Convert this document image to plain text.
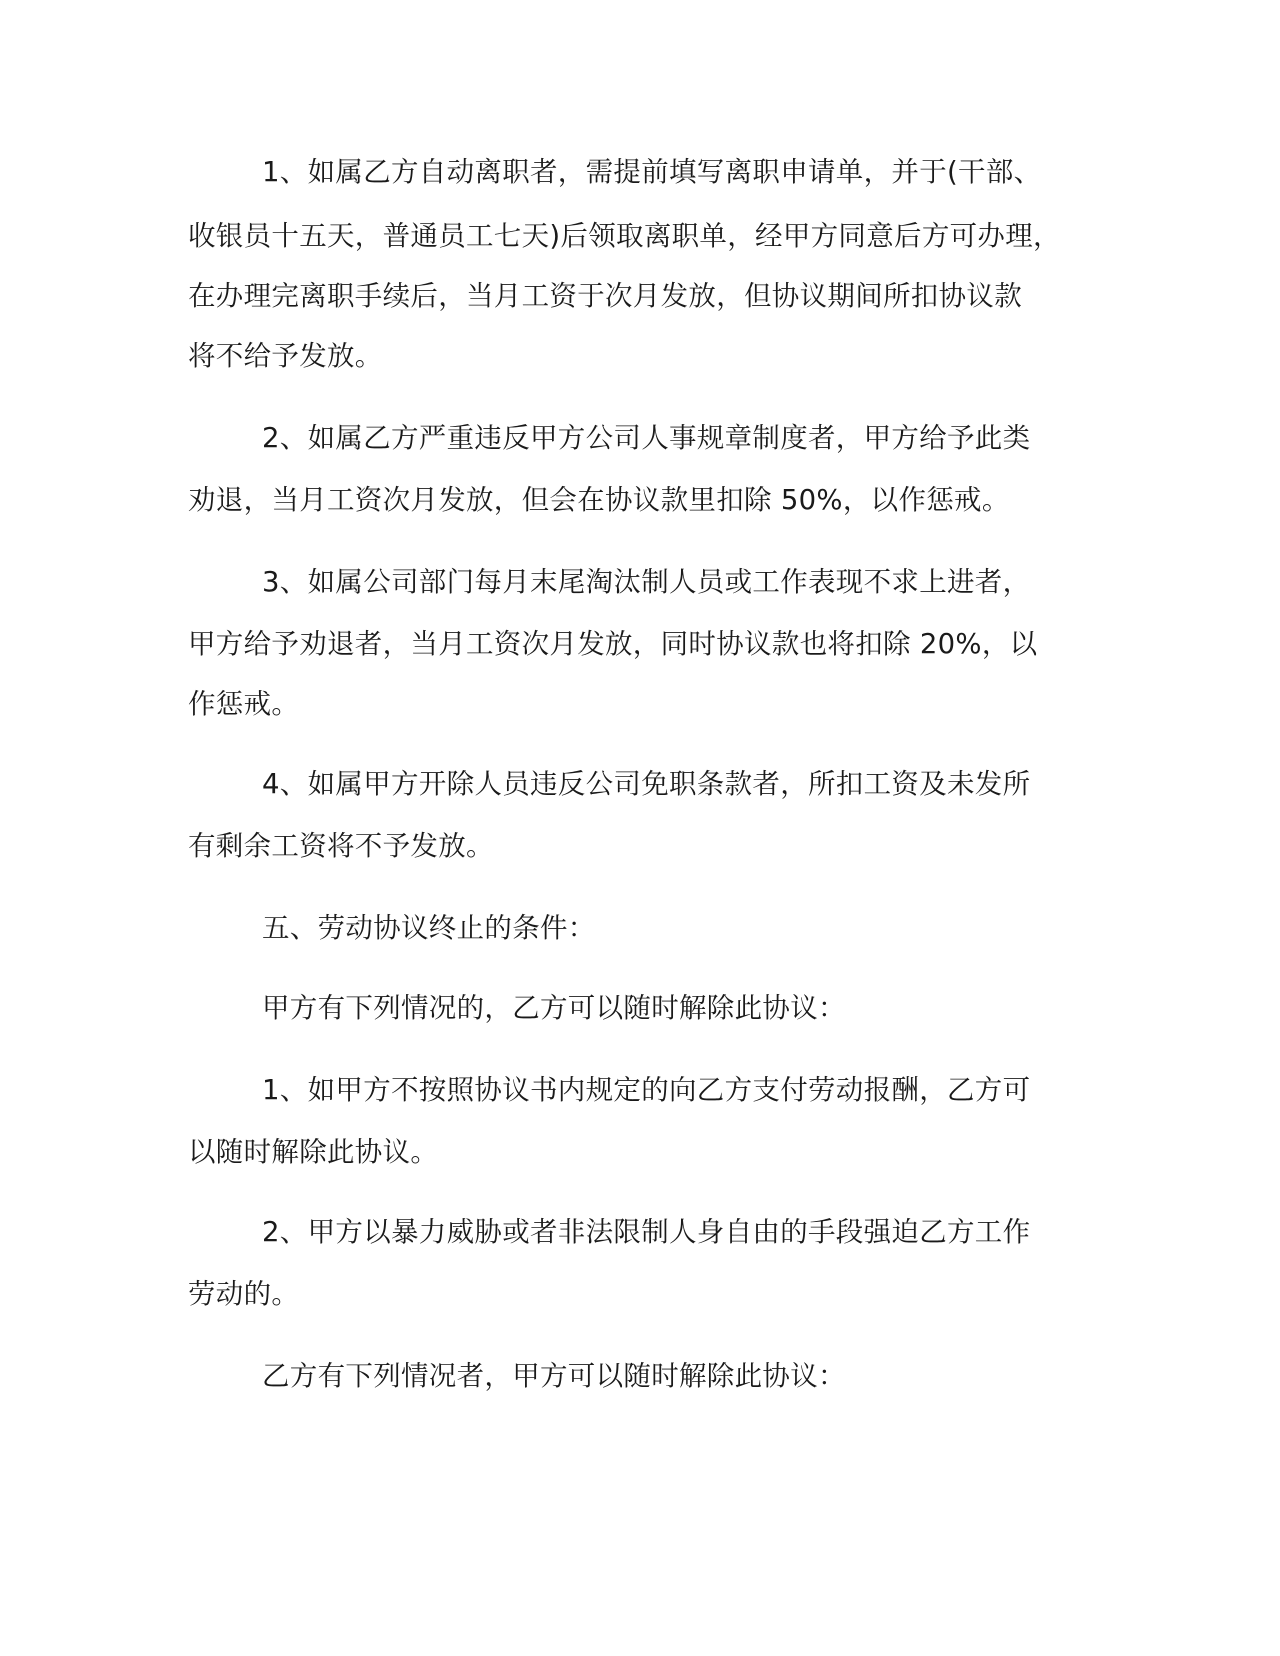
1、如属乙方自动离职者，需提前填写离职申请单，并于(干部、

收银员十五天，普通员工七天)后领取离职单，经甲方同意后方可办理，

在办理完离职手续后，当月工资于次月发放，但协议期间所扣协议款

将不给予发放。

2、如属乙方严重违反甲方公司人事规章制度者，甲方给予此类

劝退，当月工资次月发放，但会在协议款里扣除 50%，以作惩戒。

3、如属公司部门每月末尾淘汰制人员或工作表现不求上进者，

甲方给予劝退者，当月工资次月发放，同时协议款也将扣除 20%，以

作惩戒。

4、如属甲方开除人员违反公司免职条款者，所扣工资及未发所

有剩余工资将不予发放。

五、劳动协议终止的条件：

甲方有下列情况的，乙方可以随时解除此协议：

1、如甲方不按照协议书内规定的向乙方支付劳动报酬，乙方可

以随时解除此协议。

2、甲方以暴力威胁或者非法限制人身自由的手段强迫乙方工作

劳动的。

乙方有下列情况者，甲方可以随时解除此协议：
